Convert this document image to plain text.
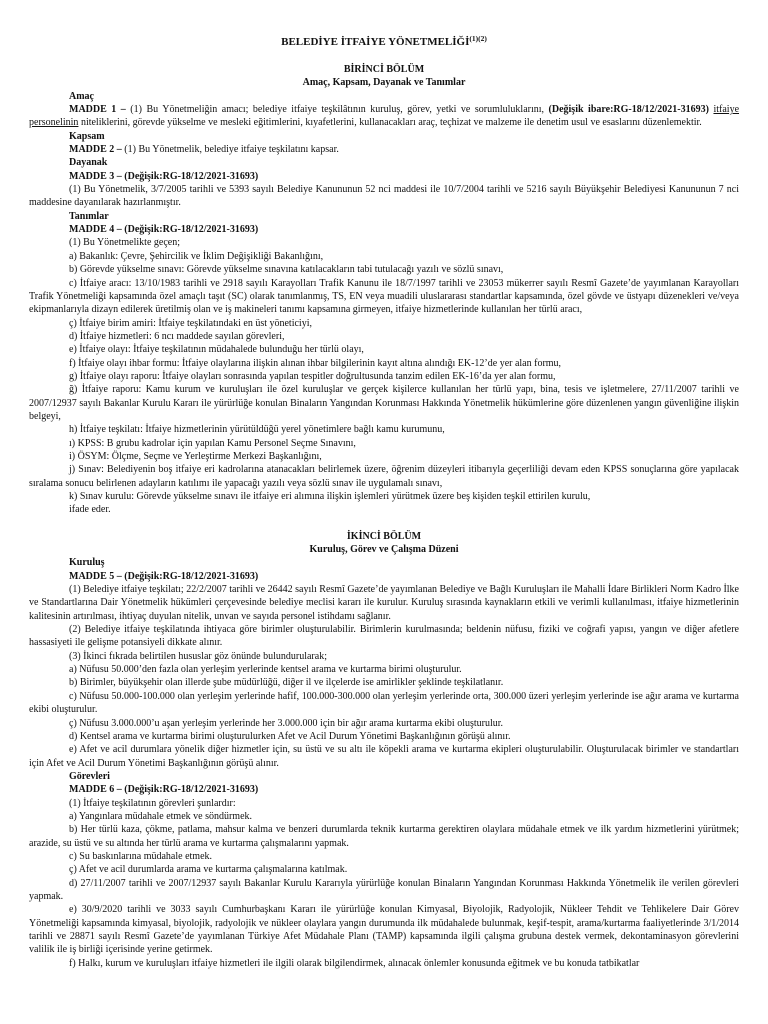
BELEDİYE İTFAİYE $YÖNETMELİĞİ^{(1)(2)}$
BİRİNCİ BÖLÜM
Amaç, Kapsam, Dayanak ve Tanımlar
Amaç

MADDE 1 – (1) Bu Yönetmeliğin amacı; belediye itfaiye teşkilâtının kuruluş, görev, yetki ve sorumluluklarını, (Değişik ibare:RG-18/12/2021-31693) itfaiye personelinin niteliklerini, görevde yükselme ve mesleki eğitimlerini, kıyafetlerini, kullanacakları araç, teçhizat ve malzeme ile denetim usul ve esaslarını düzenlemektir.

Kapsam

MADDE 2 – (1) Bu Yönetmelik, belediye itfaiye teşkilatını kapsar.

Dayanak

MADDE 3 – (Değişik:RG-18/12/2021-31693)

(1) Bu Yönetmelik, 3/7/2005 tarihli ve 5393 sayılı Belediye Kanununun 52 nci maddesi ile 10/7/2004 tarihli ve 5216 sayılı Büyükşehir Belediyesi Kanununun 7 nci maddesine dayanılarak hazırlanmıştır.

Tanımlar

MADDE 4 – (Değişik:RG-18/12/2021-31693)

(1) Bu Yönetmelikte geçen;

a) Bakanlık: Çevre, Şehircilik ve İklim Değişikliği Bakanlığını,

b) Görevde yükselme sınavı: Görevde yükselme sınavına katılacakların tabi tutulacağı yazılı ve sözlü sınavı,

c) İtfaiye aracı: 13/10/1983 tarihli ve 2918 sayılı Karayolları Trafik Kanunu ile 18/7/1997 tarihli ve 23053 mükerrer sayılı Resmî Gazete’de yayımlanan Karayolları Trafik Yönetmeliği kapsamında özel amaçlı taşıt (SC) olarak tanımlanmış, TS, EN veya muadili uluslararası standartlar kapsamında, özel gövde ve üstyapı düzenekleri ve/veya ekipmanlarıyla dizayn edilerek üretilmiş olan ve iş makineleri tanımı kapsamına girmeyen, itfaiye hizmetlerinde kullanılan her türlü aracı,

ç) İtfaiye birim amiri: İtfaiye teşkilatındaki en üst yöneticiyi,

d) İtfaiye hizmetleri: 6 ncı maddede sayılan görevleri,

e) İtfaiye olayı: İtfaiye teşkilatının müdahalede bulunduğu her türlü olayı,

f) İtfaiye olayı ihbar formu: İtfaiye olaylarına ilişkin alınan ihbar bilgilerinin kayıt altına alındığı EK-12’de yer alan formu,

g) İtfaiye olayı raporu: İtfaiye olayları sonrasında yapılan tespitler doğrultusunda tanzim edilen EK-16’da yer alan formu,

ğ) İtfaiye raporu: Kamu kurum ve kuruluşları ile özel kuruluşlar ve gerçek kişilerce kullanılan her türlü yapı, bina, tesis ve işletmelere, 27/11/2007 tarihli ve 2007/12937 sayılı Bakanlar Kurulu Kararı ile yürürlüğe konulan Binaların Yangından Korunması Hakkında Yönetmelik hükümlerine göre düzenlenen yangın güvenliğine ilişkin belgeyi,

h) İtfaiye teşkilatı: İtfaiye hizmetlerinin yürütüldüğü yerel yönetimlere bağlı kamu kurumunu,

ı) KPSS: B grubu kadrolar için yapılan Kamu Personel Seçme Sınavını,

i) ÖSYM: Ölçme, Seçme ve Yerleştirme Merkezi Başkanlığını,

j) Sınav: Belediyenin boş itfaiye eri kadrolarına atanacakları belirlemek üzere, öğrenim düzeyleri itibarıyla geçerliliği devam eden KPSS sonuçlarına göre yapılacak sıralama sonucu belirlenen adayların katılımı ile yapacağı yazılı veya sözlü sınav ile uygulamalı sınavı,

k) Sınav kurulu: Görevde yükselme sınavı ile itfaiye eri alımına ilişkin işlemleri yürütmek üzere beş kişiden teşkil ettirilen kurulu,

ifade eder.

İKİNCİ BÖLÜM
Kuruluş, Görev ve Çalışma Düzeni
Kuruluş

MADDE 5 – (Değişik:RG-18/12/2021-31693)

(1) Belediye itfaiye teşkilatı; 22/2/2007 tarihli ve 26442 sayılı Resmî Gazete’de yayımlanan Belediye ve Bağlı Kuruluşları ile Mahalli İdare Birlikleri Norm Kadro İlke ve Standartlarına Dair Yönetmelik hükümleri çerçevesinde belediye meclisi kararı ile kurulur. Kuruluş sırasında kaynakların etkili ve verimli kullanılması, itfaiye hizmetlerinin kalitesinin artırılması, ihtiyaç duyulan nitelik, unvan ve sayıda personel istihdamı sağlanır.

(2) Belediye itfaiye teşkilatında ihtiyaca göre birimler oluşturulabilir. Birimlerin kurulmasında; beldenin nüfusu, fiziki ve coğrafi yapısı, yangın ve diğer afetlere hassasiyeti ile gelişme potansiyeli dikkate alınır.

(3) İkinci fıkrada belirtilen hususlar göz önünde bulundurularak;

a) Nüfusu 50.000’den fazla olan yerleşim yerlerinde kentsel arama ve kurtarma birimi oluşturulur.

b) Birimler, büyükşehir olan illerde şube müdürlüğü, diğer il ve ilçelerde ise amirlikler şeklinde teşkilatlanır.

c) Nüfusu 50.000-100.000 olan yerleşim yerlerinde hafif, 100.000-300.000 olan yerleşim yerlerinde orta, 300.000 üzeri yerleşim yerlerinde ise ağır arama ve kurtarma ekibi oluşturulur.

ç) Nüfusu 3.000.000’u aşan yerleşim yerlerinde her 3.000.000 için bir ağır arama kurtarma ekibi oluşturulur.

d) Kentsel arama ve kurtarma birimi oluşturulurken Afet ve Acil Durum Yönetimi Başkanlığının görüşü alınır.

e) Afet ve acil durumlara yönelik diğer hizmetler için, su üstü ve su altı ile köpekli arama ve kurtarma ekipleri oluşturulabilir. Oluşturulacak birimler ve standartları için Afet ve Acil Durum Yönetimi Başkanlığının görüşü alınır.

Görevleri

MADDE 6 – (Değişik:RG-18/12/2021-31693)

(1) İtfaiye teşkilatının görevleri şunlardır:

a) Yangınlara müdahale etmek ve söndürmek.

b) Her türlü kaza, çökme, patlama, mahsur kalma ve benzeri durumlarda teknik kurtarma gerektiren olaylara müdahale etmek ve ilk yardım hizmetlerini yürütmek; arazide, su üstü ve su altında her türlü arama ve kurtarma çalışmalarını yapmak.

c) Su baskınlarına müdahale etmek.

ç) Afet ve acil durumlarda arama ve kurtarma çalışmalarına katılmak.

d) 27/11/2007 tarihli ve 2007/12937 sayılı Bakanlar Kurulu Kararıyla yürürlüğe konulan Binaların Yangından Korunması Hakkında Yönetmelik ile verilen görevleri yapmak.

e) 30/9/2020 tarihli ve 3033 sayılı Cumhurbaşkanı Kararı ile yürürlüğe konulan Kimyasal, Biyolojik, Radyolojik, Nükleer Tehdit ve Tehlikelere Dair Görev Yönetmeliği kapsamında kimyasal, biyolojik, radyolojik ve nükleer olaylara yangın durumunda ilk müdahalede bulunmak, keşif-tespit, arama/kurtarma faaliyetlerinde 3/1/2014 tarihli ve 28871 sayılı Resmî Gazete’de yayımlanan Türkiye Afet Müdahale Planı (TAMP) kapsamında ilgili çalışma grubuna destek vermek, dekontaminasyon görevlerini valilik ile iş birliği içerisinde yerine getirmek.

f) Halkı, kurum ve kuruluşları itfaiye hizmetleri ile ilgili olarak bilgilendirmek, alınacak önlemler konusunda eğitmek ve bu konuda tatbikatlar
